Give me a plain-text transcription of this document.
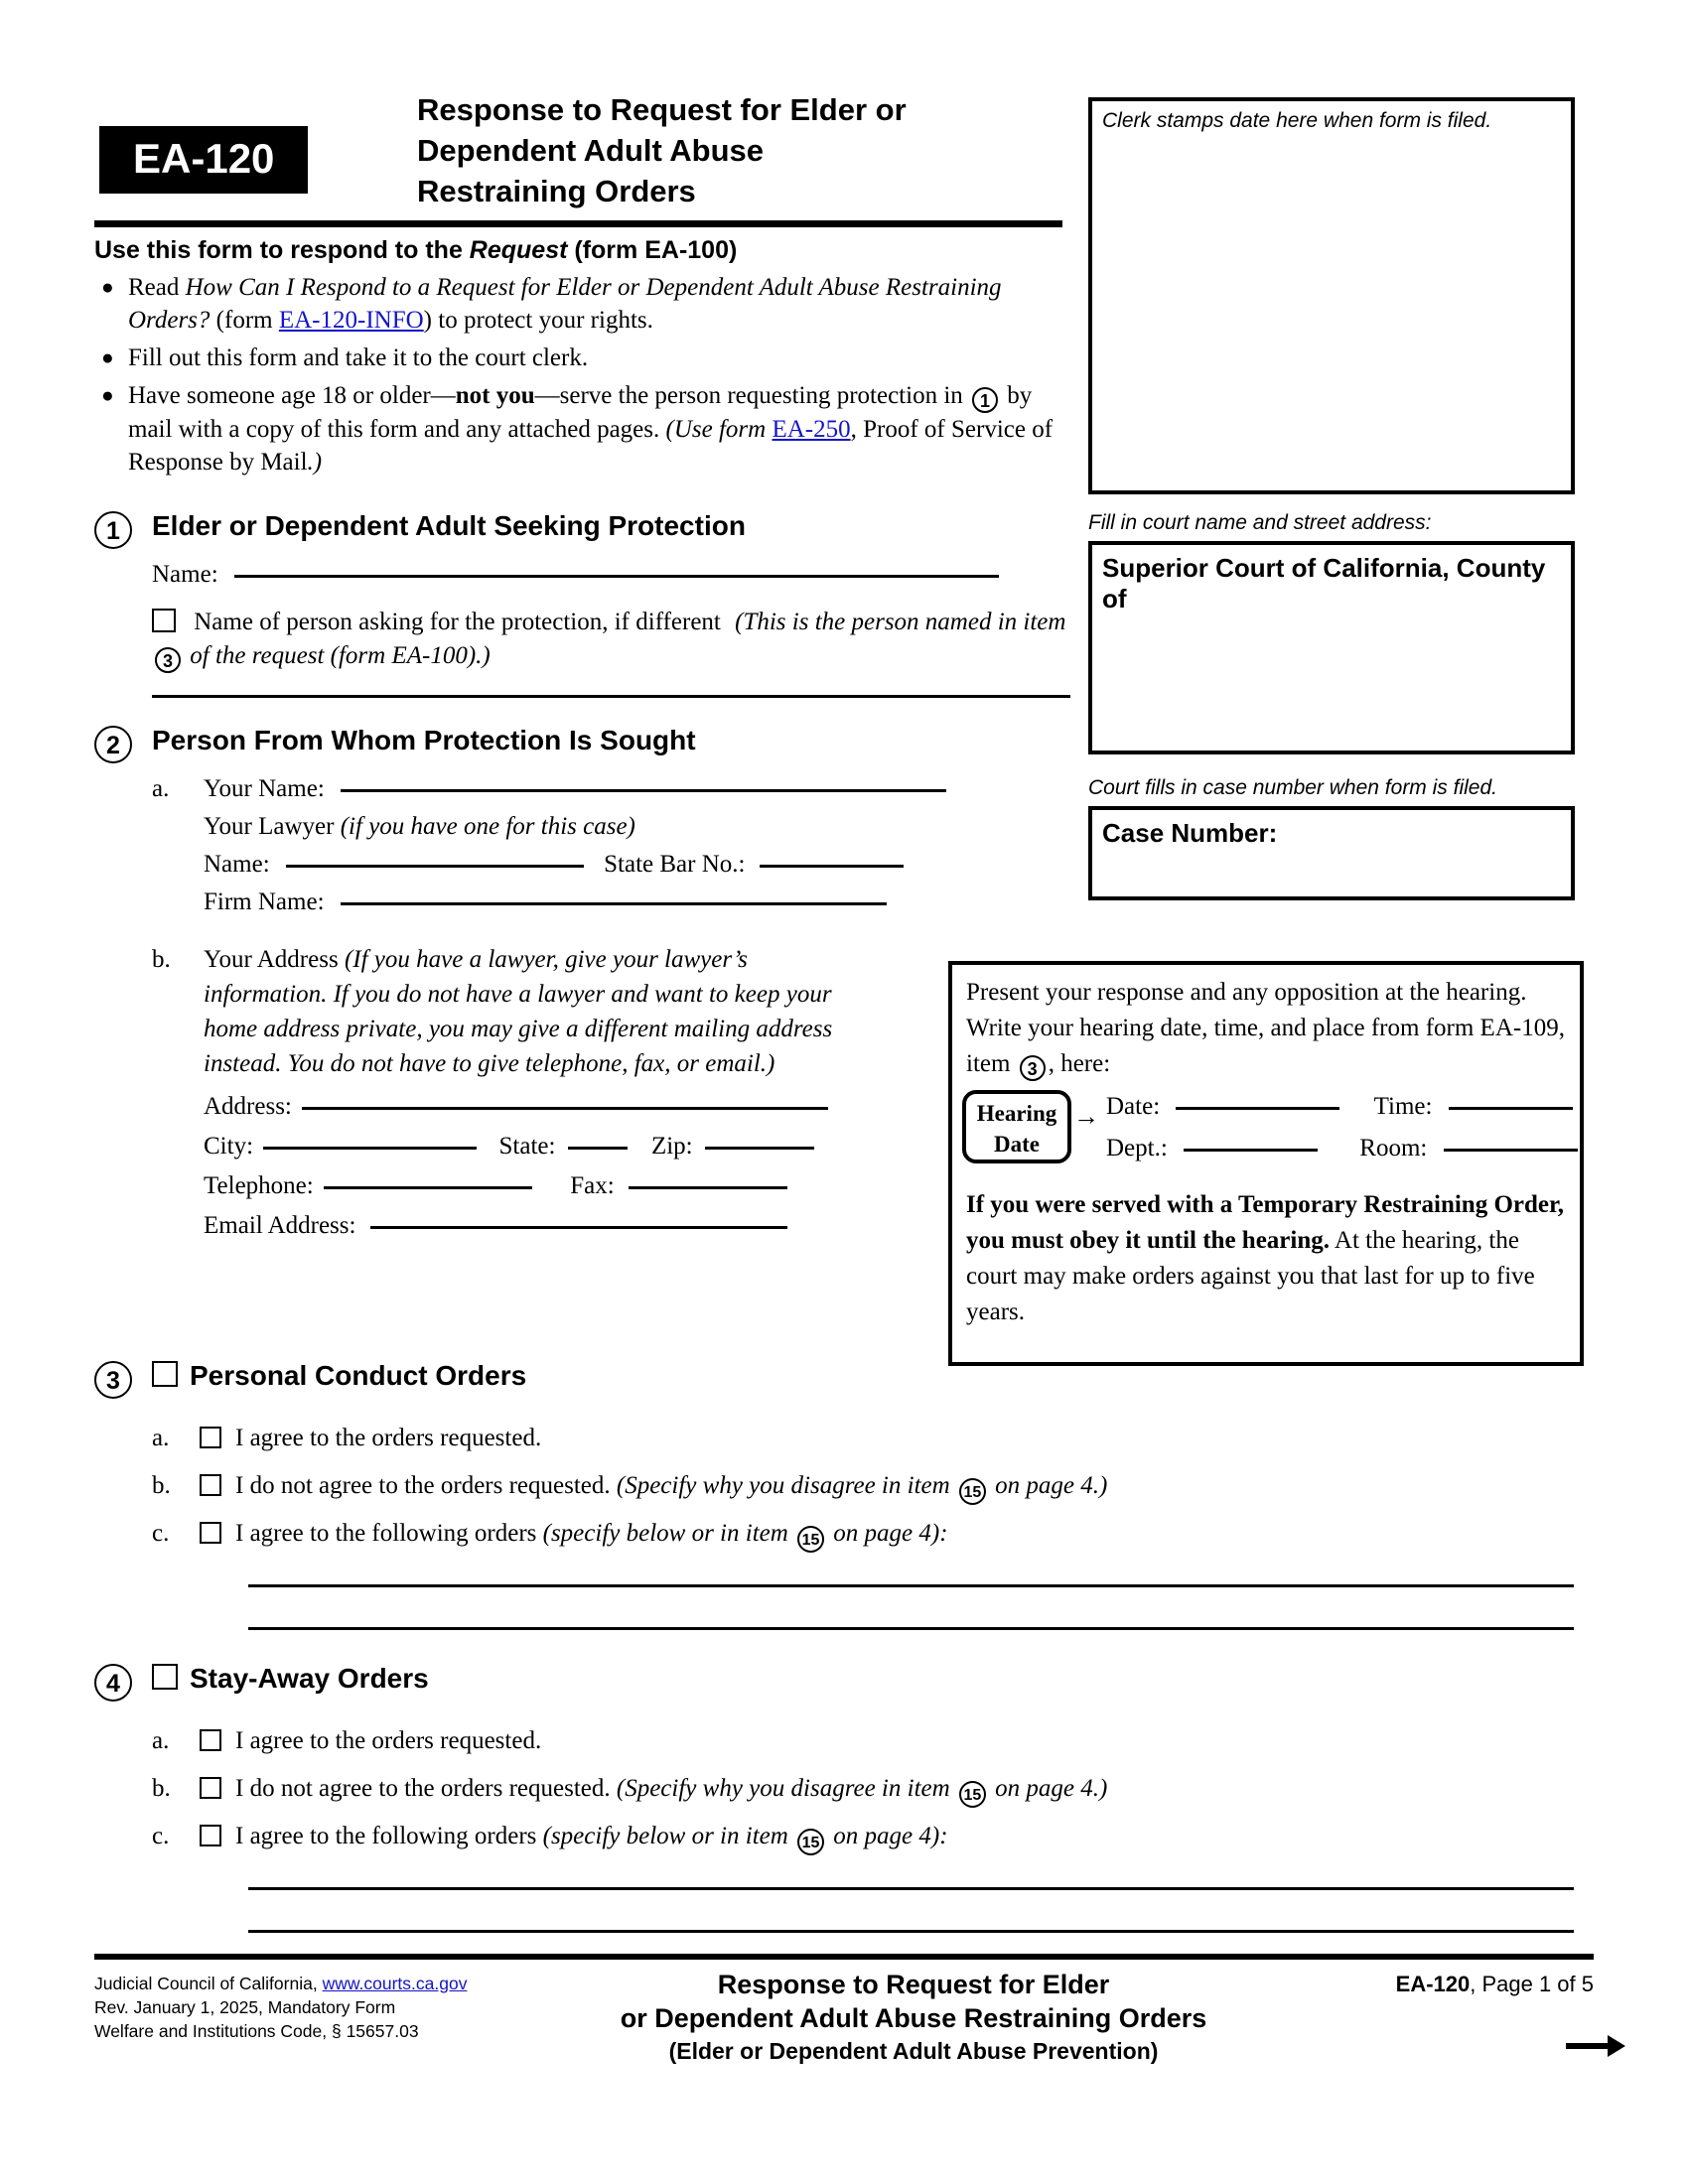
EA-120
Response to Request for Elder or
Dependent Adult Abuse
Restraining Orders
Use this form to respond to the Request (form EA-100)
● Read How Can I Respond to a Request for Elder or Dependent Adult Abuse Restraining Orders? (form EA-120-INFO) to protect your rights.
● Fill out this form and take it to the court clerk.
● Have someone age 18 or older—not you—serve the person requesting protection in 1 by mail with a copy of this form and any attached pages. (Use form EA-250, Proof of Service of Response by Mail.)
Clerk stamps date here when form is filed.
Fill in court name and street address:
Superior Court of California, County of
Court fills in case number when form is filed.
Case Number:
1	Elder or Dependent Adult Seeking Protection
Name:
Name of person asking for the protection, if different (This is the person named in item 3 of the request (form EA-100).)
2	Person From Whom Protection Is Sought
a. Your Name:
Your Lawyer (if you have one for this case)
Name:	State Bar No.:
Firm Name:
b. Your Address (If you have a lawyer, give your lawyer’s information. If you do not have a lawyer and want to keep your home address private, you may give a different mailing address instead. You do not have to give telephone, fax, or email.)
Address:
City:	State:	Zip:
Telephone:	Fax:
Email Address:
Present your response and any opposition at the hearing. Write your hearing date, time, and place from form EA-109, item 3 , here:
Hearing
Date
→ Date:	Time:
Dept.:	Room:
If you were served with a Temporary Restraining Order, you must obey it until the hearing. At the hearing, the court may make orders against you that last for up to five years.
3	Personal Conduct Orders
a.	I agree to the orders requested.
b.	I do not agree to the orders requested. (Specify why you disagree in item 15 on page 4.)
c.	I agree to the following orders (specify below or in item 15 on page 4):
4	Stay-Away Orders
a.	I agree to the orders requested.
b.	I do not agree to the orders requested. (Specify why you disagree in item 15 on page 4.)
c.	I agree to the following orders (specify below or in item 15 on page 4):
Judicial Council of California, www.courts.ca.gov
Rev. January 1, 2025, Mandatory Form
Welfare and Institutions Code, § 15657.03
Response to Request for Elder
or Dependent Adult Abuse Restraining Orders
(Elder or Dependent Adult Abuse Prevention)
EA-120, Page 1 of 5
